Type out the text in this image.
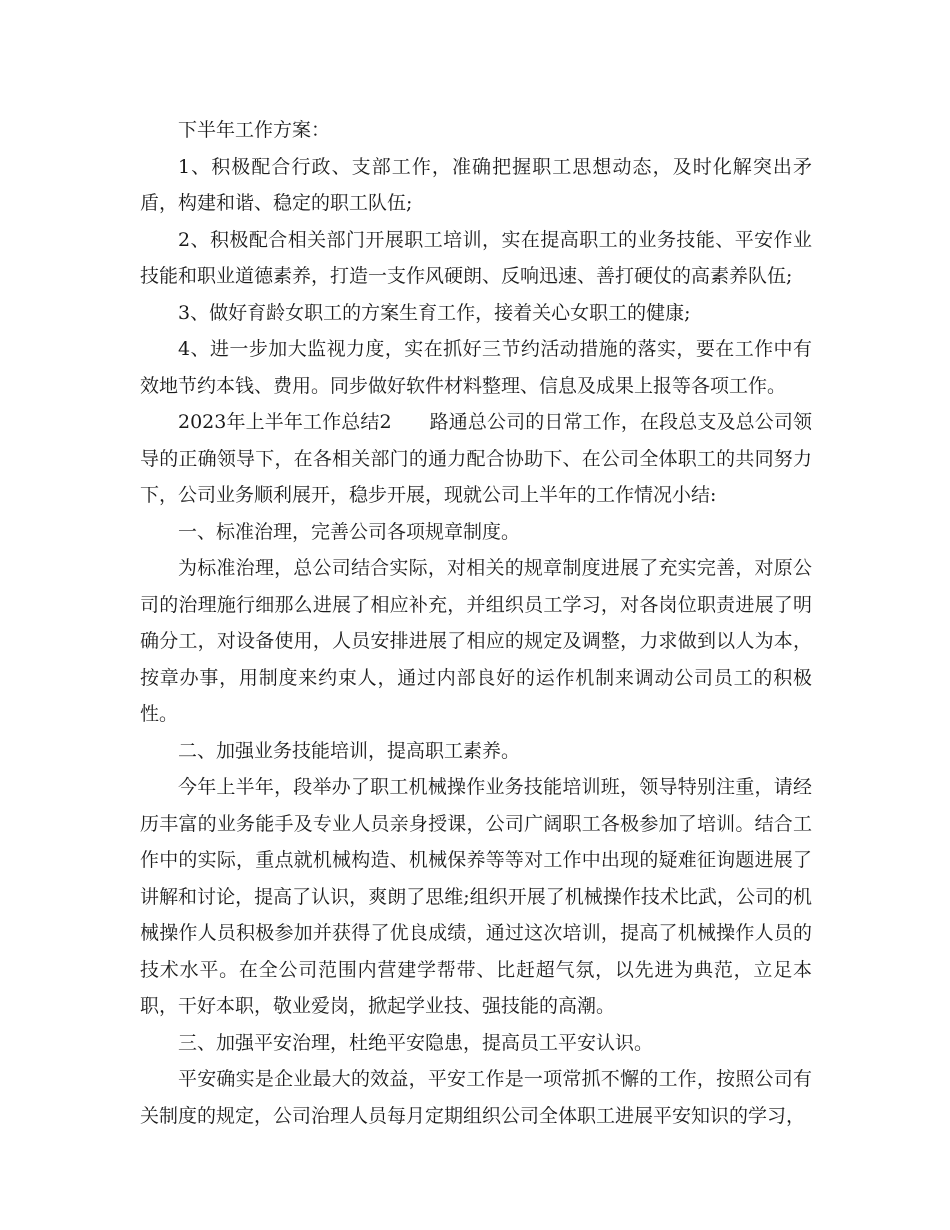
下半年工作方案：

1、积极配合行政、支部工作，准确把握职工思想动态，及时化解突出矛盾，构建和谐、稳定的职工队伍;

2、积极配合相关部门开展职工培训，实在提高职工的业务技能、平安作业技能和职业道德素养，打造一支作风硬朗、反响迅速、善打硬仗的高素养队伍;

3、做好育龄女职工的方案生育工作，接着关心女职工的健康;

4、进一步加大监视力度，实在抓好三节约活动措施的落实，要在工作中有效地节约本钱、费用。同步做好软件材料整理、信息及成果上报等各项工作。

2023年上半年工作总结2 路通总公司的日常工作，在段总支及总公司领导的正确领导下，在各相关部门的通力配合协助下、在公司全体职工的共同努力下，公司业务顺利展开，稳步开展，现就公司上半年的工作情况小结:

一、标准治理，完善公司各项规章制度。

为标准治理，总公司结合实际，对相关的规章制度进展了充实完善，对原公司的治理施行细那么进展了相应补充，并组织员工学习，对各岗位职责进展了明确分工，对设备使用，人员安排进展了相应的规定及调整，力求做到以人为本，按章办事，用制度来约束人，通过内部良好的运作机制来调动公司员工的积极性。

二、加强业务技能培训，提高职工素养。

今年上半年，段举办了职工机械操作业务技能培训班，领导特别注重，请经历丰富的业务能手及专业人员亲身授课，公司广阔职工各极参加了培训。结合工作中的实际，重点就机械构造、机械保养等等对工作中出现的疑难征询题进展了讲解和讨论，提高了认识，爽朗了思维;组织开展了机械操作技术比武，公司的机械操作人员积极参加并获得了优良成绩，通过这次培训，提高了机械操作人员的技术水平。在全公司范围内营建学帮带、比赶超气氛，以先进为典范，立足本职，干好本职，敬业爱岗，掀起学业技、强技能的高潮。

三、加强平安治理，杜绝平安隐患，提高员工平安认识。

平安确实是企业最大的效益，平安工作是一项常抓不懈的工作，按照公司有关制度的规定，公司治理人员每月定期组织公司全体职工进展平安知识的学习，
